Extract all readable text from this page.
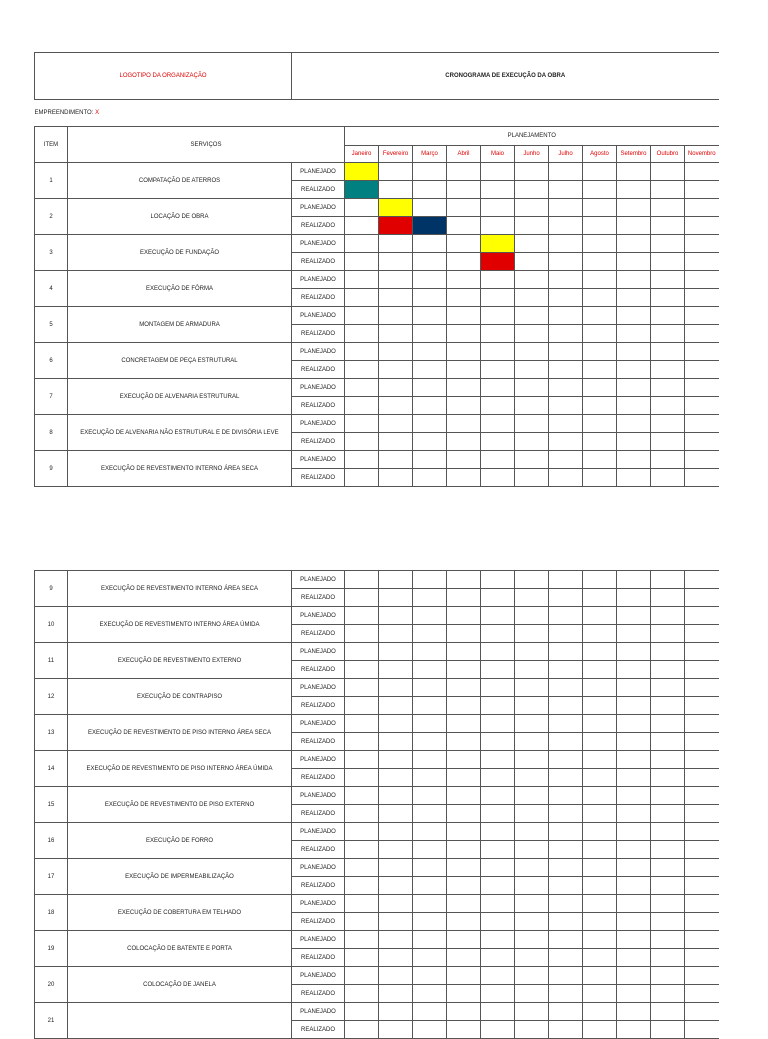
LOGOTIPO DA ORGANIZAÇÃO		CRONOGRAMA DE EXECUÇÃO DA OBRA											
EMPREENDIMENTO: X													
ITEM	SERVIÇOS		PLANEJAMENTO										
			Janeiro	Fevereiro	Março	Abril	Maio	Junho	Julho	Agosto	Setembro	Outubro	Novembro
1	COMPATAÇÃO DE ATERROS	PLANEJADO											
		REALIZADO											
2	LOCAÇÃO DE OBRA	PLANEJADO											
		REALIZADO											
3	EXECUÇÃO DE FUNDAÇÃO	PLANEJADO											
		REALIZADO											
4	EXECUÇÃO DE FÔRMA	PLANEJADO											
		REALIZADO											
5	MONTAGEM DE ARMADURA	PLANEJADO											
		REALIZADO											
6	CONCRETAGEM DE PEÇA ESTRUTURAL	PLANEJADO											
		REALIZADO											
7	EXECUÇÃO DE ALVENARIA ESTRUTURAL	PLANEJADO											
		REALIZADO											
8	EXECUÇÃO DE ALVENARIA NÃO ESTRUTURAL E DE DIVISÓRIA LEVE	PLANEJADO											
		REALIZADO											
9	EXECUÇÃO DE REVESTIMENTO INTERNO ÁREA SECA	PLANEJADO											
		REALIZADO											
9	EXECUÇÃO DE REVESTIMENTO INTERNO ÁREA SECA	PLANEJADO											
		REALIZADO											
10	EXECUÇÃO DE REVESTIMENTO INTERNO ÁREA ÚMIDA	PLANEJADO											
		REALIZADO											
11	EXECUÇÃO DE REVESTIMENTO EXTERNO	PLANEJADO											
		REALIZADO											
12	EXECUÇÃO DE CONTRAPISO	PLANEJADO											
		REALIZADO											
13	EXECUÇÃO DE REVESTIMENTO DE PISO INTERNO ÁREA SECA	PLANEJADO											
		REALIZADO											
14	EXECUÇÃO DE REVESTIMENTO DE PISO INTERNO ÁREA ÚMIDA	PLANEJADO											
		REALIZADO											
15	EXECUÇÃO DE REVESTIMENTO DE PISO EXTERNO	PLANEJADO											
		REALIZADO											
16	EXECUÇÃO DE FORRO	PLANEJADO											
		REALIZADO											
17	EXECUÇÃO DE IMPERMEABILIZAÇÃO	PLANEJADO											
		REALIZADO											
18	EXECUÇÃO DE COBERTURA EM TELHADO	PLANEJADO											
		REALIZADO											
19	COLOCAÇÃO DE BATENTE E PORTA	PLANEJADO											
		REALIZADO											
20	COLOCAÇÃO DE JANELA	PLANEJADO											
		REALIZADO											
21		PLANEJADO											
		REALIZADO											
